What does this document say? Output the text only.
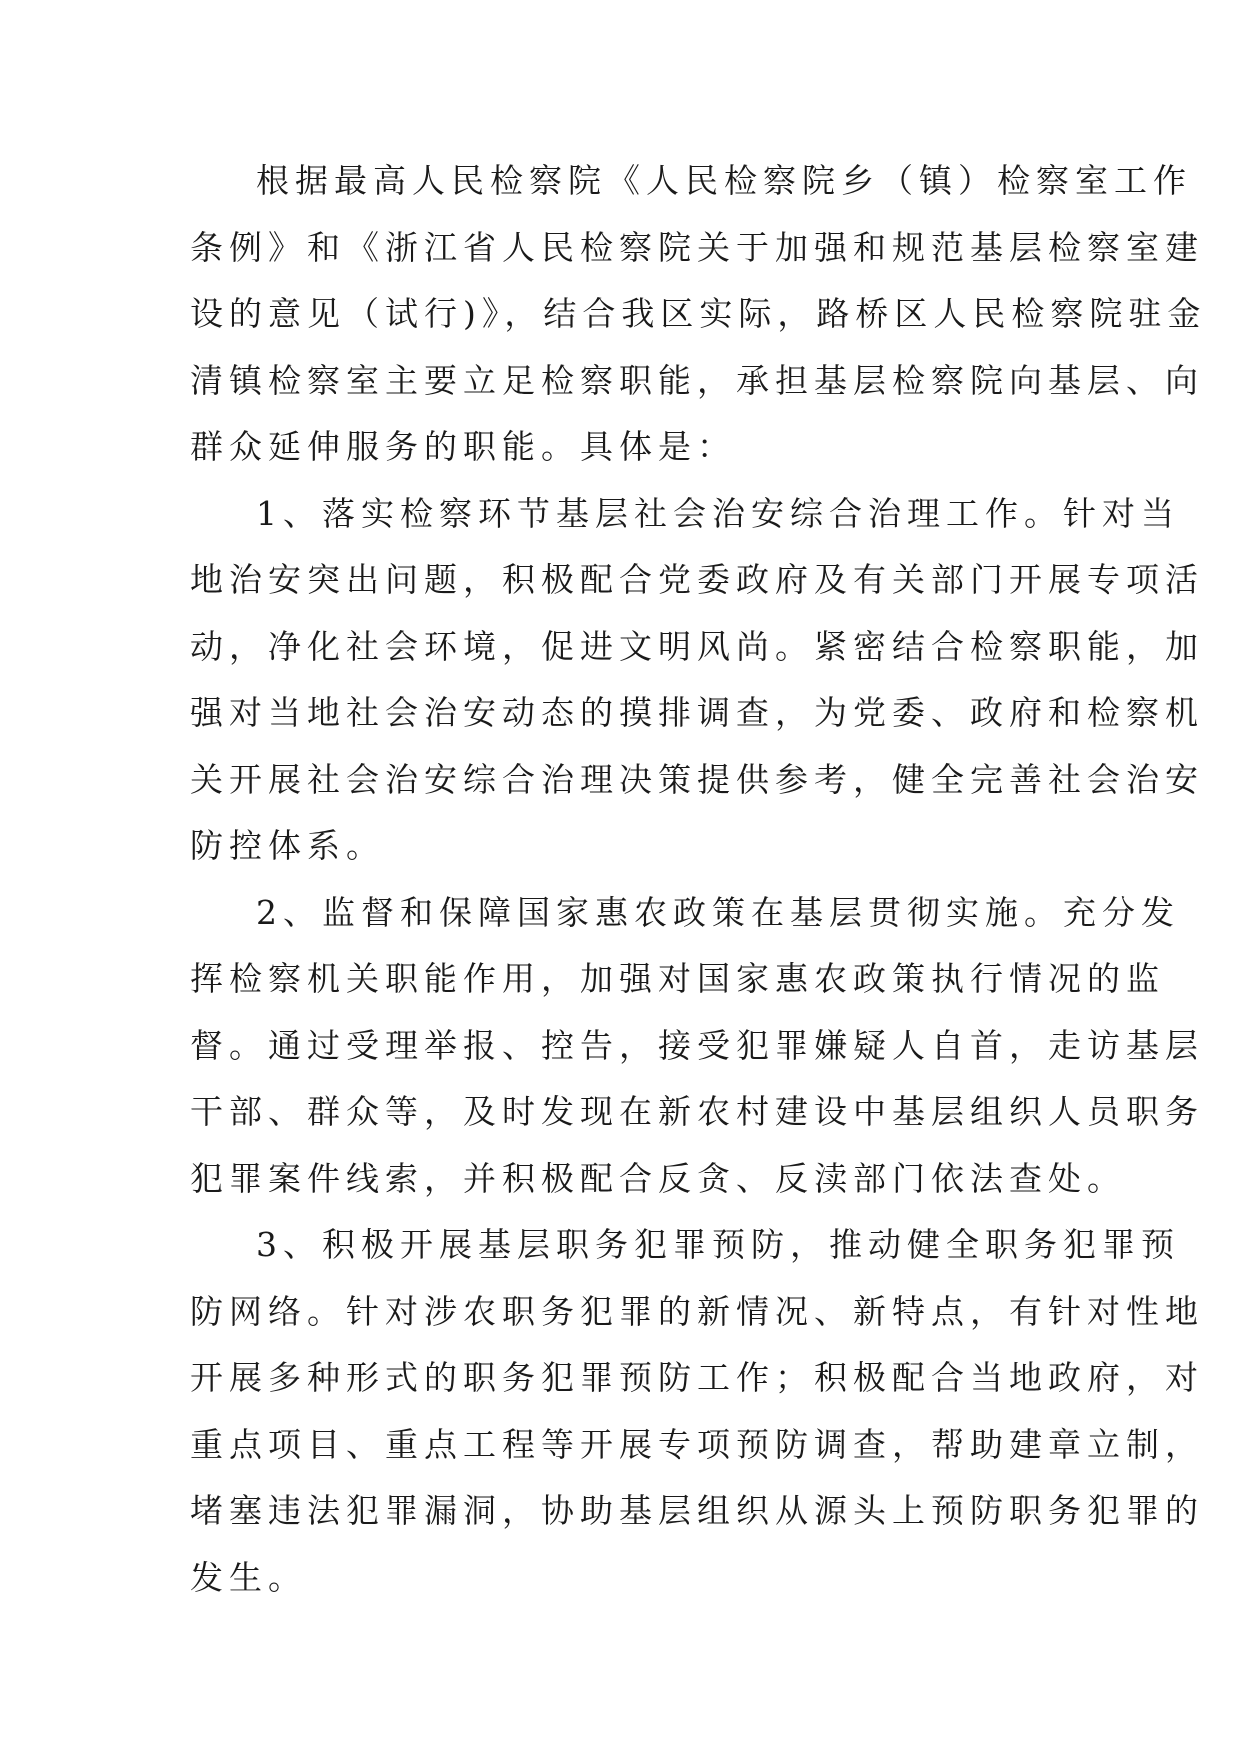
根据最高人民检察院《人民检察院乡（镇）检察室工作
条例》和《浙江省人民检察院关于加强和规范基层检察室建
设的意见（试行)》，结合我区实际，路桥区人民检察院驻金
清镇检察室主要立足检察职能，承担基层检察院向基层、向
群众延伸服务的职能。具体是：
1、落实检察环节基层社会治安综合治理工作。针对当
地治安突出问题，积极配合党委政府及有关部门开展专项活
动，净化社会环境，促进文明风尚。紧密结合检察职能，加
强对当地社会治安动态的摸排调查，为党委、政府和检察机
关开展社会治安综合治理决策提供参考，健全完善社会治安
防控体系。
2、监督和保障国家惠农政策在基层贯彻实施。充分发
挥检察机关职能作用，加强对国家惠农政策执行情况的监
督。通过受理举报、控告，接受犯罪嫌疑人自首，走访基层
干部、群众等，及时发现在新农村建设中基层组织人员职务
犯罪案件线索，并积极配合反贪、反渎部门依法查处。
3、积极开展基层职务犯罪预防，推动健全职务犯罪预
防网络。针对涉农职务犯罪的新情况、新特点，有针对性地
开展多种形式的职务犯罪预防工作；积极配合当地政府，对
重点项目、重点工程等开展专项预防调查，帮助建章立制，
堵塞违法犯罪漏洞，协助基层组织从源头上预防职务犯罪的
发生。
